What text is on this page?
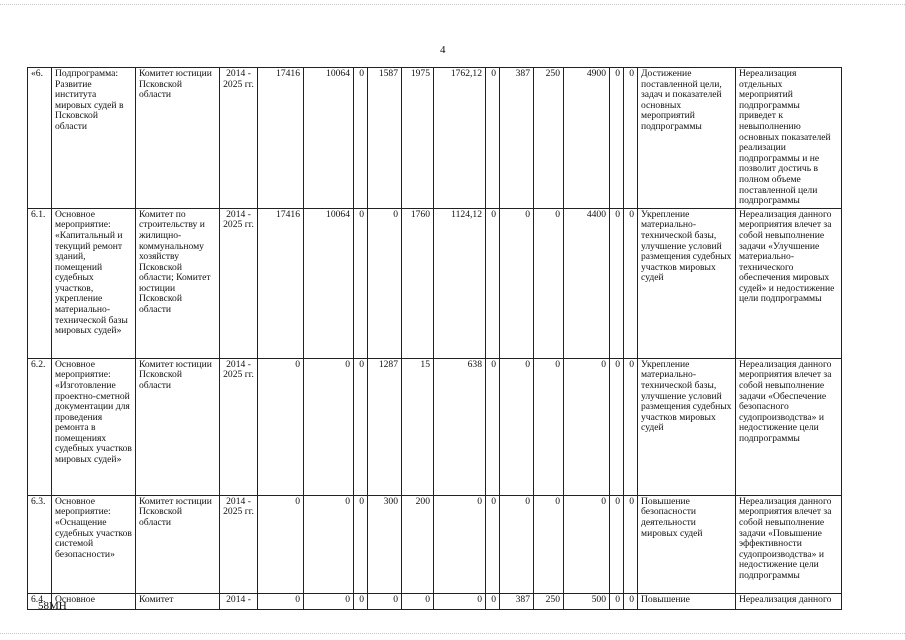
4
«6.	Подпрограмма: Развитие института мировых судей в Псковской области	Комитет юстиции Псковской области	2014 - 2025 гг.	17416	10064	0	1587	1975	1762,12	0	387	250	4900	0	0	Достижение поставленной цели, задач и показателей основных мероприятий подпрограммы	Нереализация отдельных мероприятий подпрограммы приведет к невыполнению основных показателей реализации подпрограммы и не позволит достичь в полном объеме поставленной цели подпрограммы
6.1.	Основное мероприятие: «Капитальный и текущий ремонт зданий, помещений судебных участков, укрепление материально-технической базы мировых судей»	Комитет по строительству и жилищно-коммунальному хозяйству Псковской области; Комитет юстиции Псковской области	2014 - 2025 гг.	17416	10064	0	0	1760	1124,12	0	0	0	4400	0	0	Укрепление материально-технической базы, улучшение условий размещения судебных участков мировых судей	Нереализация данного мероприятия влечет за собой невыполнение задачи «Улучшение материально-технического обеспечения мировых судей» и недостижение цели подпрограммы
6.2.	Основное мероприятие: «Изготовление проектно-сметной документации для проведения ремонта в помещениях судебных участков мировых судей»	Комитет юстиции Псковской области	2014 - 2025 гг.	0	0	0	1287	15	638	0	0	0	0	0	0	Укрепление материально-технической базы, улучшение условий размещения судебных участков мировых судей	Нереализация данного мероприятия влечет за собой невыполнение задачи «Обеспечение безопасного судопроизводства» и недостижение цели подпрограммы
6.3.	Основное мероприятие: «Оснащение судебных участков системой безопасности»	Комитет юстиции Псковской области	2014 - 2025 гг.	0	0	0	300	200	0	0	0	0	0	0	0	Повышение безопасности деятельности мировых судей	Нереализация данного мероприятия влечет за собой невыполнение задачи «Повышение эффективности судопроизводства» и недостижение цели подпрограммы
6.4.	Основное	Комитет	2014 -	0	0	0	0	0	0	0	387	250	500	0	0	Повышение	Нереализация данного
58МН
